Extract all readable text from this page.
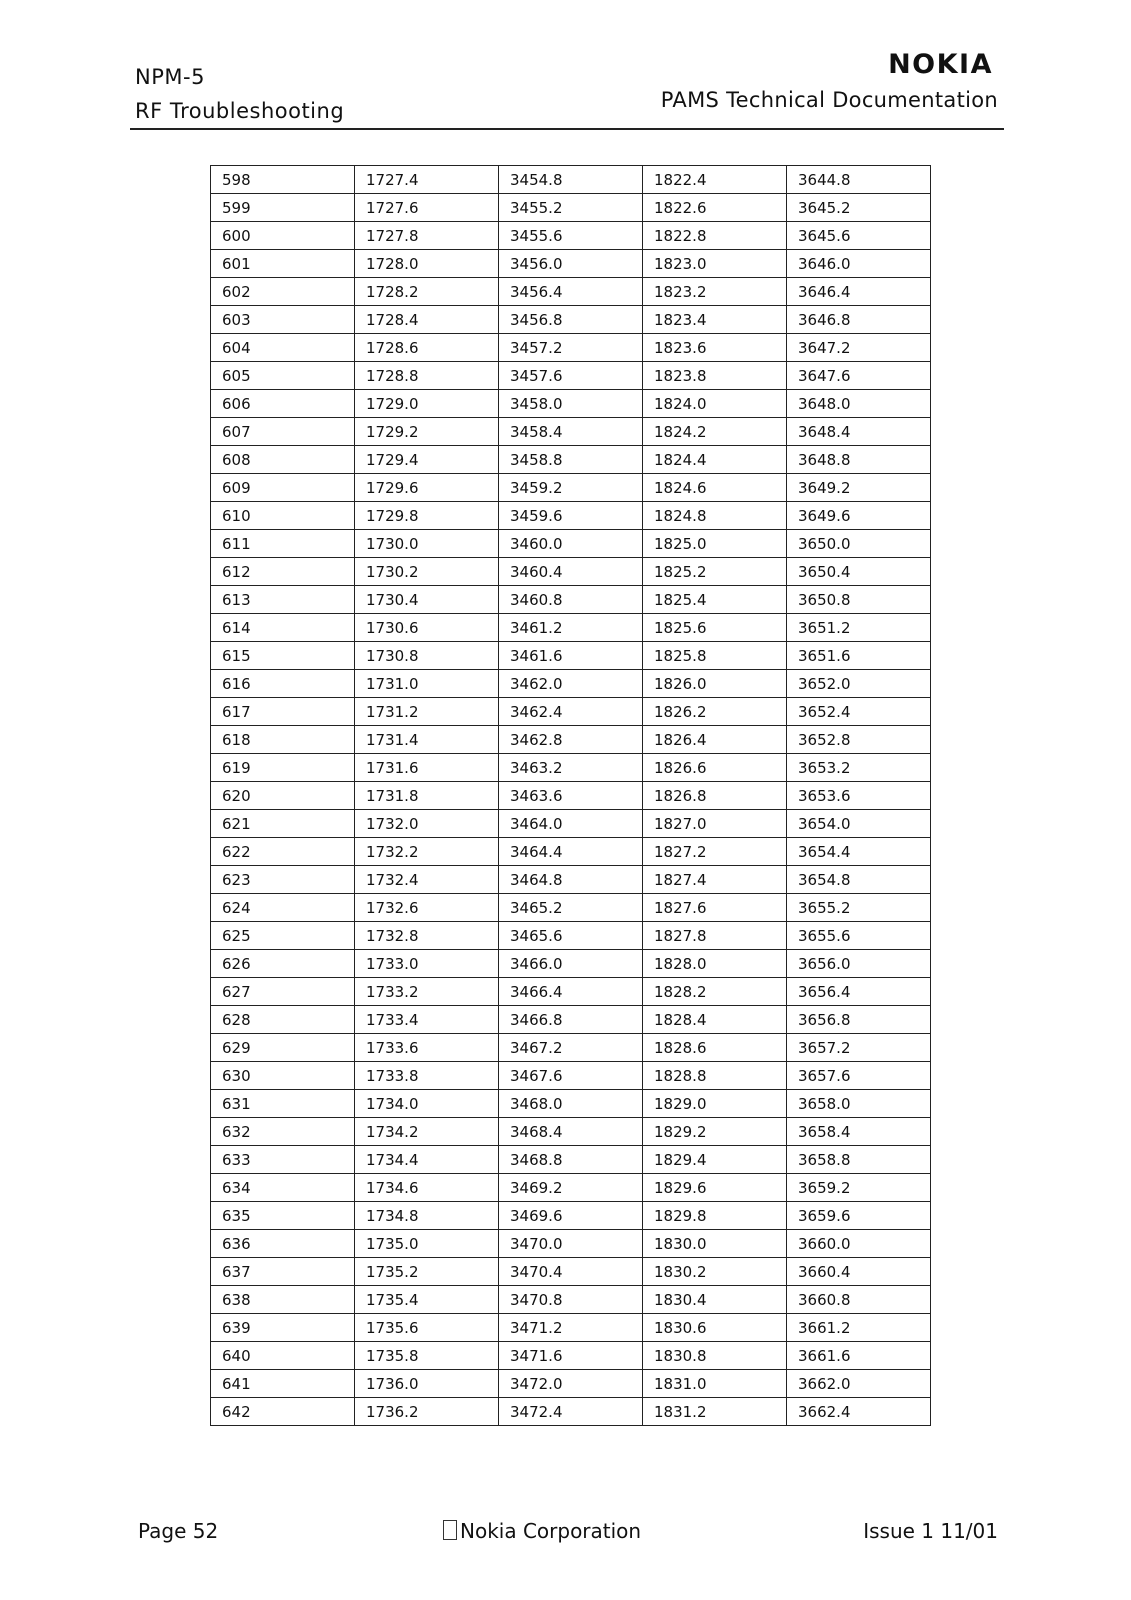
NPM-5
RF Troubleshooting
NOKIA
PAMS Technical Documentation
598	1727.4	3454.8	1822.4	3644.8
599	1727.6	3455.2	1822.6	3645.2
600	1727.8	3455.6	1822.8	3645.6
601	1728.0	3456.0	1823.0	3646.0
602	1728.2	3456.4	1823.2	3646.4
603	1728.4	3456.8	1823.4	3646.8
604	1728.6	3457.2	1823.6	3647.2
605	1728.8	3457.6	1823.8	3647.6
606	1729.0	3458.0	1824.0	3648.0
607	1729.2	3458.4	1824.2	3648.4
608	1729.4	3458.8	1824.4	3648.8
609	1729.6	3459.2	1824.6	3649.2
610	1729.8	3459.6	1824.8	3649.6
611	1730.0	3460.0	1825.0	3650.0
612	1730.2	3460.4	1825.2	3650.4
613	1730.4	3460.8	1825.4	3650.8
614	1730.6	3461.2	1825.6	3651.2
615	1730.8	3461.6	1825.8	3651.6
616	1731.0	3462.0	1826.0	3652.0
617	1731.2	3462.4	1826.2	3652.4
618	1731.4	3462.8	1826.4	3652.8
619	1731.6	3463.2	1826.6	3653.2
620	1731.8	3463.6	1826.8	3653.6
621	1732.0	3464.0	1827.0	3654.0
622	1732.2	3464.4	1827.2	3654.4
623	1732.4	3464.8	1827.4	3654.8
624	1732.6	3465.2	1827.6	3655.2
625	1732.8	3465.6	1827.8	3655.6
626	1733.0	3466.0	1828.0	3656.0
627	1733.2	3466.4	1828.2	3656.4
628	1733.4	3466.8	1828.4	3656.8
629	1733.6	3467.2	1828.6	3657.2
630	1733.8	3467.6	1828.8	3657.6
631	1734.0	3468.0	1829.0	3658.0
632	1734.2	3468.4	1829.2	3658.4
633	1734.4	3468.8	1829.4	3658.8
634	1734.6	3469.2	1829.6	3659.2
635	1734.8	3469.6	1829.8	3659.6
636	1735.0	3470.0	1830.0	3660.0
637	1735.2	3470.4	1830.2	3660.4
638	1735.4	3470.8	1830.4	3660.8
639	1735.6	3471.2	1830.6	3661.2
640	1735.8	3471.6	1830.8	3661.6
641	1736.0	3472.0	1831.0	3662.0
642	1736.2	3472.4	1831.2	3662.4
Page 52	Nokia Corporation	Issue 1 11/01
